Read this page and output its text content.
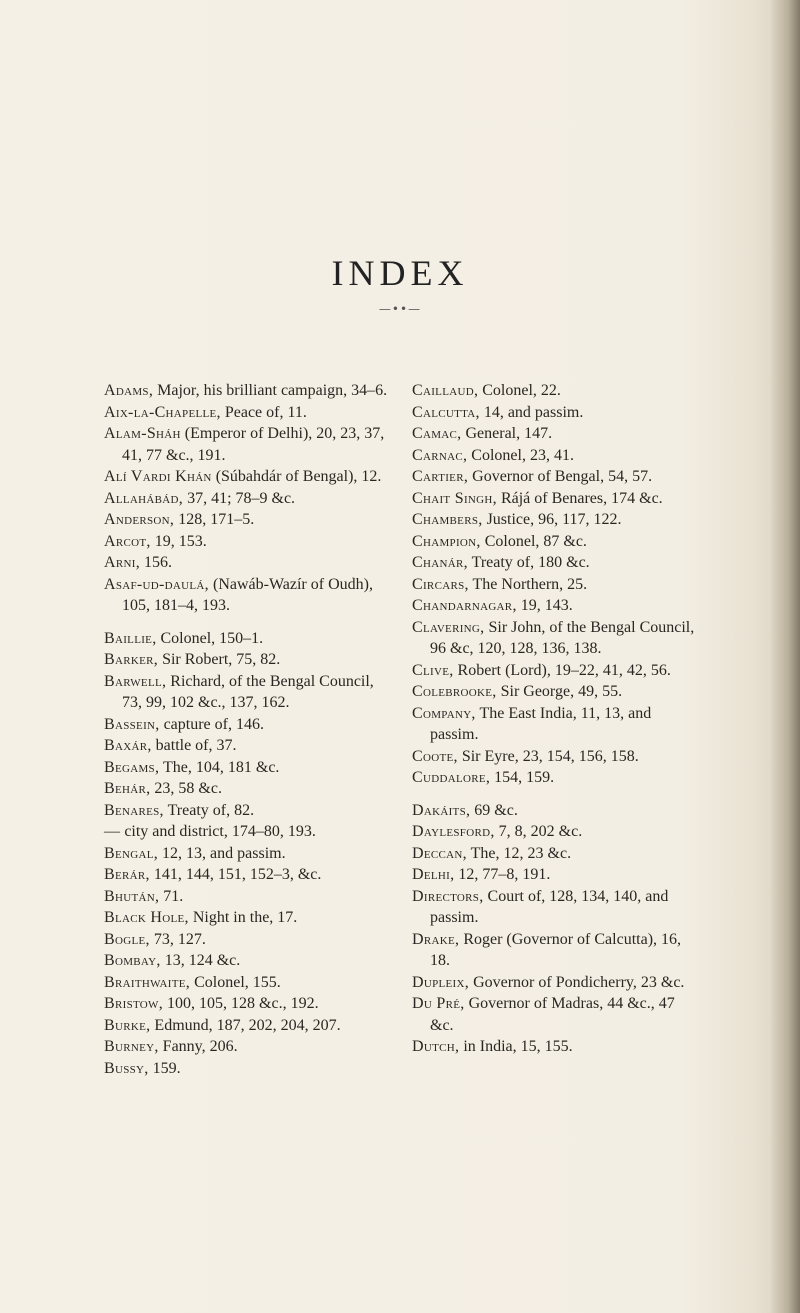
INDEX
—••—

Adams, Major, his brilliant campaign, 34–6.

Aix-la-Chapelle, Peace of, 11.

Alam-Sháh (Emperor of Delhi), 20, 23, 37, 41, 77 &c., 191.

Alí Vardi Khán (Súbahdár of Bengal), 12.

Allahábád, 37, 41; 78–9 &c.

Anderson, 128, 171–5.

Arcot, 19, 153.

Arni, 156.

Asaf-ud-daulá, (Nawáb-Wazír of Oudh), 105, 181–4, 193.

Baillie, Colonel, 150–1.

Barker, Sir Robert, 75, 82.

Barwell, Richard, of the Bengal Council, 73, 99, 102 &c., 137, 162.

Bassein, capture of, 146.

Baxár, battle of, 37.

Begams, The, 104, 181 &c.

Behár, 23, 58 &c.

Benares, Treaty of, 82.

— city and district, 174–80, 193.

Bengal, 12, 13, and passim.

Berár, 141, 144, 151, 152–3, &c.

Bhután, 71.

Black Hole, Night in the, 17.

Bogle, 73, 127.

Bombay, 13, 124 &c.

Braithwaite, Colonel, 155.

Bristow, 100, 105, 128 &c., 192.

Burke, Edmund, 187, 202, 204, 207.

Burney, Fanny, 206.

Bussy, 159.

Caillaud, Colonel, 22.

Calcutta, 14, and passim.

Camac, General, 147.

Carnac, Colonel, 23, 41.

Cartier, Governor of Bengal, 54, 57.

Chait Singh, Rájá of Benares, 174 &c.

Chambers, Justice, 96, 117, 122.

Champion, Colonel, 87 &c.

Chanár, Treaty of, 180 &c.

Circars, The Northern, 25.

Chandarnagar, 19, 143.

Clavering, Sir John, of the Bengal Council, 96 &c, 120, 128, 136, 138.

Clive, Robert (Lord), 19–22, 41, 42, 56.

Colebrooke, Sir George, 49, 55.

Company, The East India, 11, 13, and passim.

Coote, Sir Eyre, 23, 154, 156, 158.

Cuddalore, 154, 159.

Dakáits, 69 &c.

Daylesford, 7, 8, 202 &c.

Deccan, The, 12, 23 &c.

Delhi, 12, 77–8, 191.

Directors, Court of, 128, 134, 140, and passim.

Drake, Roger (Governor of Calcutta), 16, 18.

Dupleix, Governor of Pondicherry, 23 &c.

Du Pré, Governor of Madras, 44 &c., 47 &c.

Dutch, in India, 15, 155.
